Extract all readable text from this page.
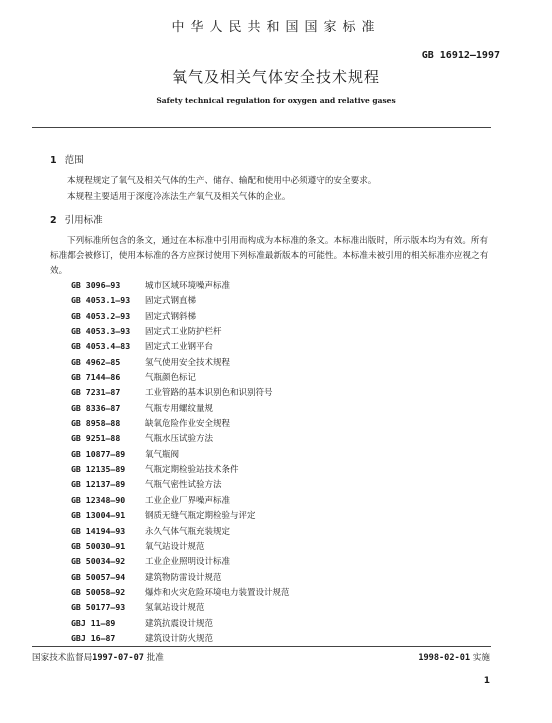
中华人民共和国国家标准
GB 16912—1997
氧气及相关气体安全技术规程
Safety technical regulation for oxygen and relative gases
1 范围
本规程规定了氧气及相关气体的生产、储存、输配和使用中必须遵守的安全要求。
本规程主要适用于深度冷冻法生产氧气及相关气体的企业。
2 引用标准
下列标准所包含的条文，通过在本标准中引用而构成为本标准的条文。本标准出版时，所示版本均为有效。所有标准都会被修订，使用本标准的各方应探讨使用下列标准最新版本的可能性。本标准未被引用的相关标准亦应视之有效。
GB 3096—93	城市区域环境噪声标准
GB 4053.1—93 固定式钢直梯
GB 4053.2—93 固定式钢斜梯
GB 4053.3—93 固定式工业防护栏杆
GB 4053.4—83 固定式工业钢平台
GB 4962—85	氢气使用安全技术规程
GB 7144—86	气瓶颜色标记
GB 7231—87	工业管路的基本识别色和识别符号
GB 8336—87	气瓶专用螺纹量规
GB 8958—88	缺氧危险作业安全规程
GB 9251—88	气瓶水压试验方法
GB 10877—89 氧气瓶阀
GB 12135—89 气瓶定期检验站技术条件
GB 12137—89 气瓶气密性试验方法
GB 12348—90 工业企业厂界噪声标准
GB 13004—91 钢质无缝气瓶定期检验与评定
GB 14194—93 永久气体气瓶充装规定
GB 50030—91 氧气站设计规范
GB 50034—92 工业企业照明设计标准
GB 50057—94 建筑物防雷设计规范
GB 50058—92 爆炸和火灾危险环境电力装置设计规范
GB 50177—93 氢氧站设计规范
GBJ 11—89	建筑抗震设计规范
GBJ 16—87	建筑设计防火规范
国家技术监督局1997-07-07 批准	1998-02-01 实施
1
